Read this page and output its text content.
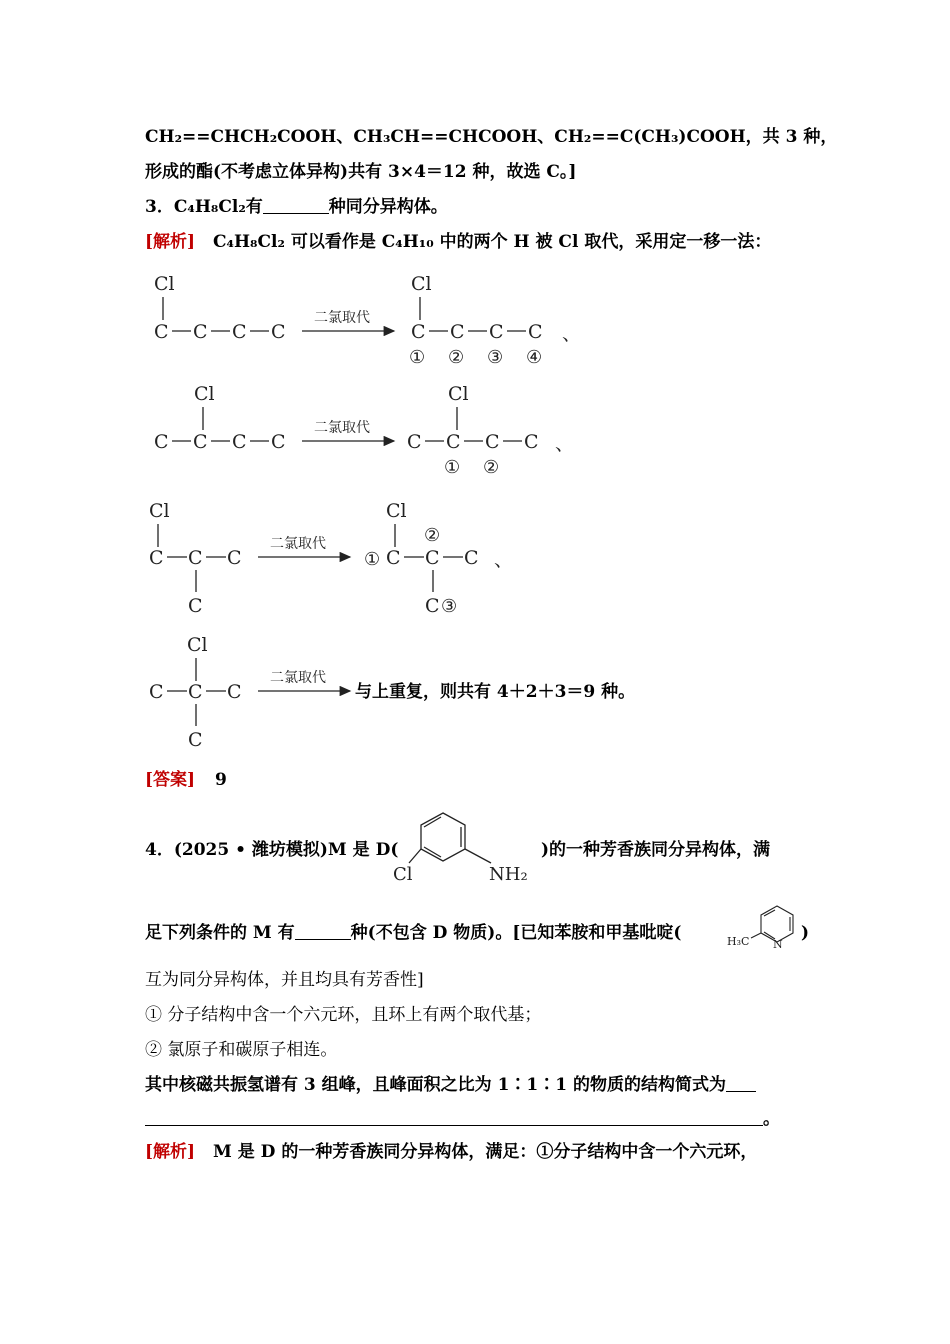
CH₂==CHCH₂COOH、CH₃CH==CHCOOH、CH₂==C(CH₃)COOH，共 3 种，
形成的酯(不考虑立体异构)共有 3×4＝12 种，故选 C。]
3．C₄H₈Cl₂有	种同分异构体。
[解析] C₄H₈Cl₂ 可以看作是 C₄H₁₀ 中的两个 H 被 Cl 取代，采用定一移一法：
Cl
C C C C
二氯取代
Cl
C C C C
① ② ③ ④
、
Cl
C C C C
二氯取代
Cl
C C C C
① ②
、
Cl
C C C
C
二氯取代
Cl
②
① C C C
C ③
、
Cl
C C C
C
二氯取代
与上重复，则共有 4＋2＋3＝9 种。
[答案] 9
4．(2025 • 潍坊模拟)M 是 D(
Cl	NH₂
)的一种芳香族同分异构体，满
足下列条件的 M 有	种(不包含 D 物质)。[已知苯胺和甲基吡啶(	H₃C N
)
互为同分异构体，并且均具有芳香性]
① 分子结构中含一个六元环，且环上有两个取代基；
② 氯原子和碳原子相连。
其中核磁共振氢谱有 3 组峰，且峰面积之比为 1∶1∶1 的物质的结构简式为
。
[解析] M 是 D 的一种芳香族同分异构体，满足：①分子结构中含一个六元环，
